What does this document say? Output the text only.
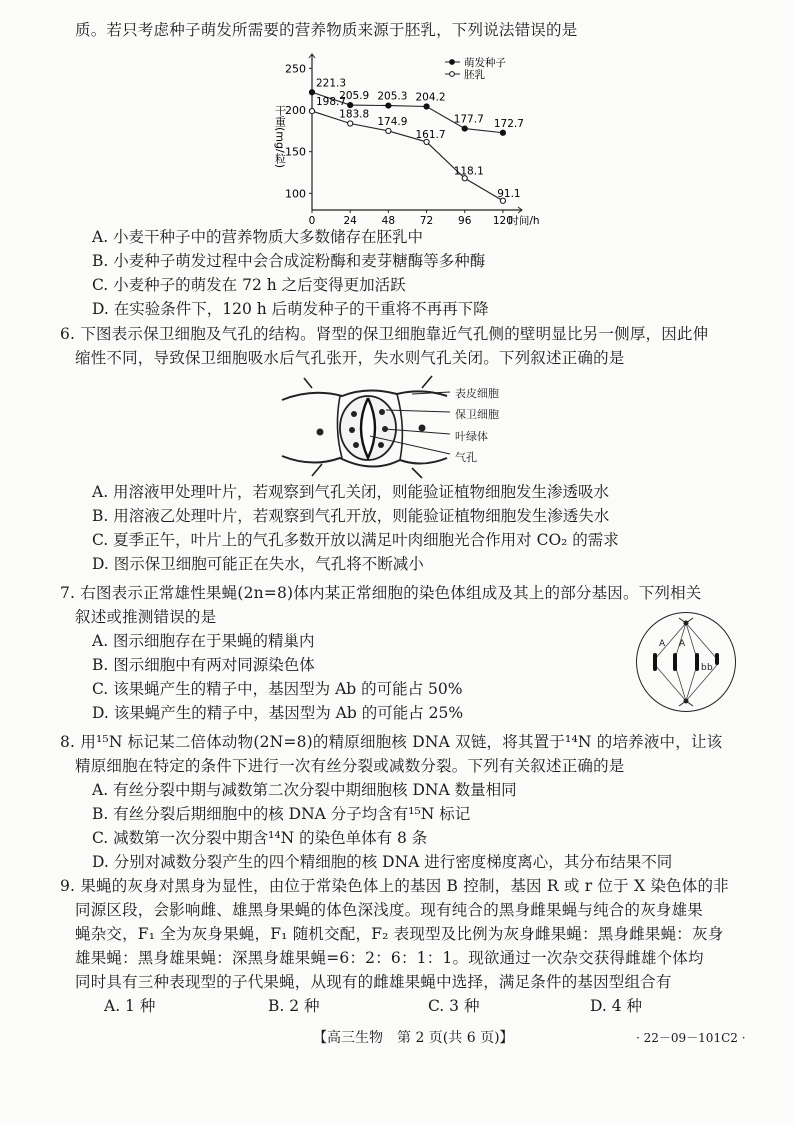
质。若只考虑种子萌发所需要的营养物质来源于胚乳，下列说法错误的是
100
150
200
250
0	24 48 72 96 120
时间/h
干重(mg/粒)
221.3
205.9 205.3 204.2
177.7 172.7
198.7
183.8
174.9
161.7
118.1
91.1
萌发种子
胚乳
A. 小麦干种子中的营养物质大多数储存在胚乳中
B. 小麦种子萌发过程中会合成淀粉酶和麦芽糖酶等多种酶
C. 小麦种子的萌发在 72 h 之后变得更加活跃
D. 在实验条件下，120 h 后萌发种子的干重将不再再下降
6. 下图表示保卫细胞及气孔的结构。肾型的保卫细胞靠近气孔侧的壁明显比另一侧厚，因此伸
缩性不同，导致保卫细胞吸水后气孔张开，失水则气孔关闭。下列叙述正确的是
表皮细胞
保卫细胞
叶绿体
气孔
A. 用溶液甲处理叶片，若观察到气孔关闭，则能验证植物细胞发生渗透吸水
B. 用溶液乙处理叶片，若观察到气孔开放，则能验证植物细胞发生渗透失水
C. 夏季正午，叶片上的气孔多数开放以满足叶肉细胞光合作用对 CO₂ 的需求
D. 图示保卫细胞可能正在失水，气孔将不断减小
7. 右图表示正常雄性果蝇(2n=8)体内某正常细胞的染色体组成及其上的部分基因。下列相关
叙述或推测错误的是
A. 图示细胞存在于果蝇的精巢内
B. 图示细胞中有两对同源染色体
C. 该果蝇产生的精子中，基因型为 Ab 的可能占 50%
D. 该果蝇产生的精子中，基因型为 Ab 的可能占 25%
A A
b b
8. 用¹⁵N 标记某二倍体动物(2N=8)的精原细胞核 DNA 双链，将其置于¹⁴N 的培养液中，让该
精原细胞在特定的条件下进行一次有丝分裂或减数分裂。下列有关叙述正确的是
A. 有丝分裂中期与减数第二次分裂中期细胞核 DNA 数量相同
B. 有丝分裂后期细胞中的核 DNA 分子均含有¹⁵N 标记
C. 减数第一次分裂中期含¹⁴N 的染色单体有 8 条
D. 分别对减数分裂产生的四个精细胞的核 DNA 进行密度梯度离心，其分布结果不同
9. 果蝇的灰身对黑身为显性，由位于常染色体上的基因 B 控制，基因 R 或 r 位于 X 染色体的非
同源区段，会影响雌、雄黑身果蝇的体色深浅度。现有纯合的黑身雌果蝇与纯合的灰身雄果
蝇杂交，F₁ 全为灰身果蝇，F₁ 随机交配，F₂ 表现型及比例为灰身雌果蝇：黑身雌果蝇：灰身
雄果蝇：黑身雄果蝇：深黑身雄果蝇=6：2：6：1：1。现欲通过一次杂交获得雌雄个体均
同时具有三种表现型的子代果蝇，从现有的雌雄果蝇中选择，满足条件的基因型组合有
A. 1 种	B. 2 种	C. 3 种	D. 4 种
【高三生物　第 2 页(共 6 页)】	· 22－09－101C2 ·
